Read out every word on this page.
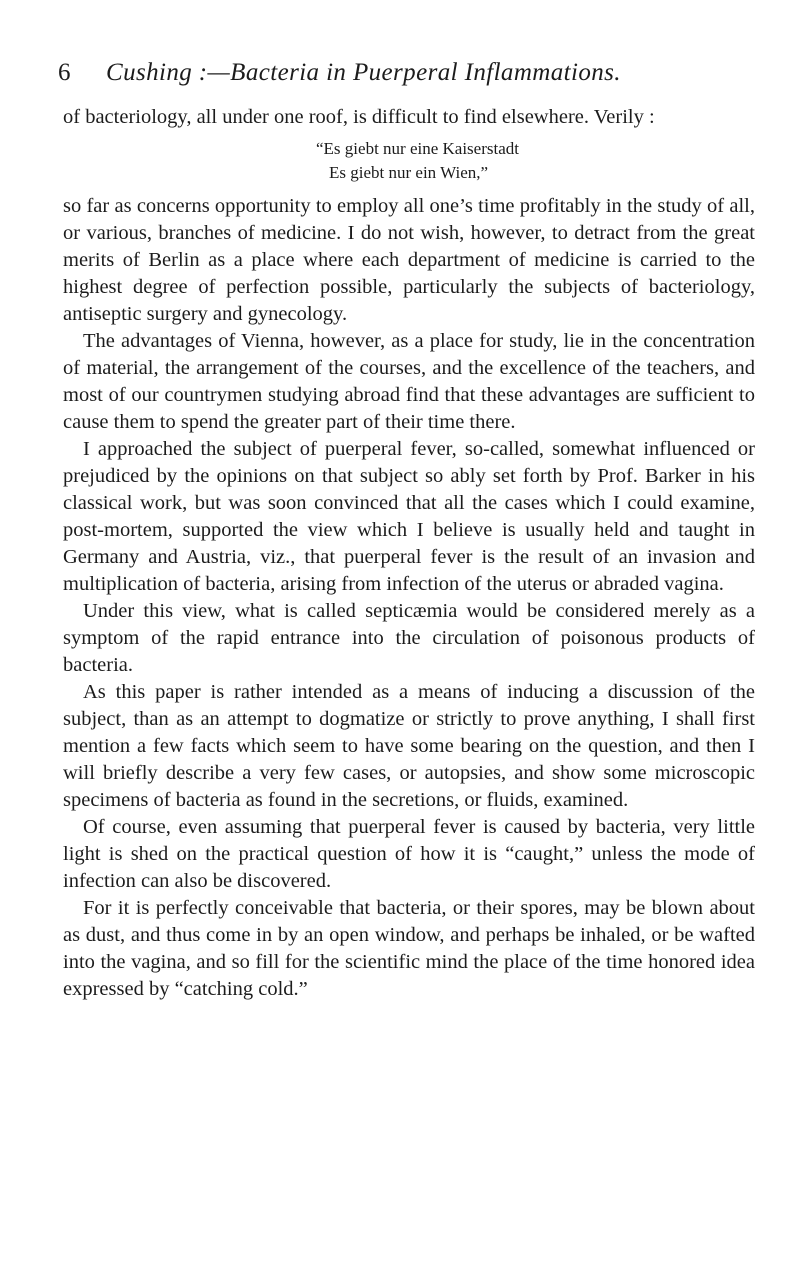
6	Cushing :—Bacteria in Puerperal Inflammations.

of bacteriology, all under one roof, is difficult to find elsewhere. Verily :

“Es giebt nur eine Kaiserstadt
Es giebt nur ein Wien,”

so far as concerns opportunity to employ all one’s time profitably in the study of all, or various, branches of medicine. I do not wish, however, to detract from the great merits of Berlin as a place where each department of medicine is carried to the highest degree of perfection possible, particularly the subjects of bacteriology, antiseptic surgery and gynecology.

The advantages of Vienna, however, as a place for study, lie in the concentration of material, the arrangement of the courses, and the excellence of the teachers, and most of our countrymen studying abroad find that these advantages are sufficient to cause them to spend the greater part of their time there.

I approached the subject of puerperal fever, so-called, somewhat influenced or prejudiced by the opinions on that subject so ably set forth by Prof. Barker in his classical work, but was soon convinced that all the cases which I could examine, post-mortem, supported the view which I believe is usually held and taught in Germany and Austria, viz., that puerperal fever is the result of an invasion and multiplication of bacteria, arising from infection of the uterus or abraded vagina.

Under this view, what is called septicæmia would be considered merely as a symptom of the rapid entrance into the circulation of poisonous products of bacteria.

As this paper is rather intended as a means of inducing a discussion of the subject, than as an attempt to dogmatize or strictly to prove anything, I shall first mention a few facts which seem to have some bearing on the question, and then I will briefly describe a very few cases, or autopsies, and show some microscopic specimens of bacteria as found in the secretions, or fluids, examined.

Of course, even assuming that puerperal fever is caused by bacteria, very little light is shed on the practical question of how it is “caught,” unless the mode of infection can also be discovered.

For it is perfectly conceivable that bacteria, or their spores, may be blown about as dust, and thus come in by an open window, and perhaps be inhaled, or be wafted into the vagina, and so fill for the scientific mind the place of the time honored idea expressed by “catching cold.”
